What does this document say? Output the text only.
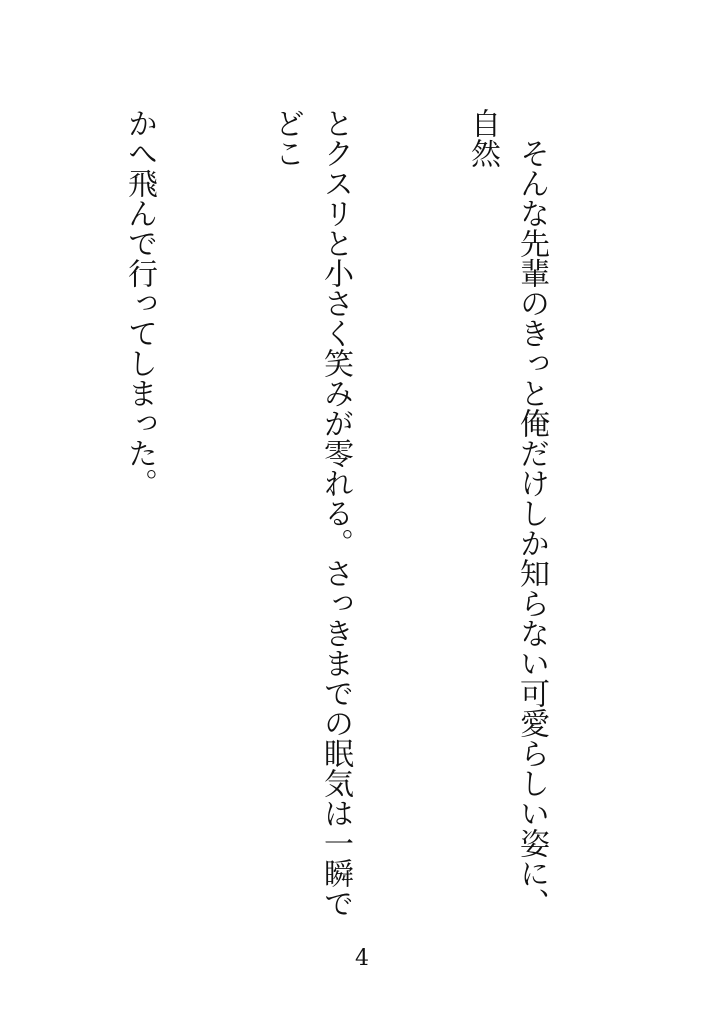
　そんな先輩のきっと俺だけしか知らない可愛らしい姿に、自然

とクスリと小さく笑みが零れる。さっきまでの眠気は一瞬でどこ

かへ飛んで行ってしまった。

4
